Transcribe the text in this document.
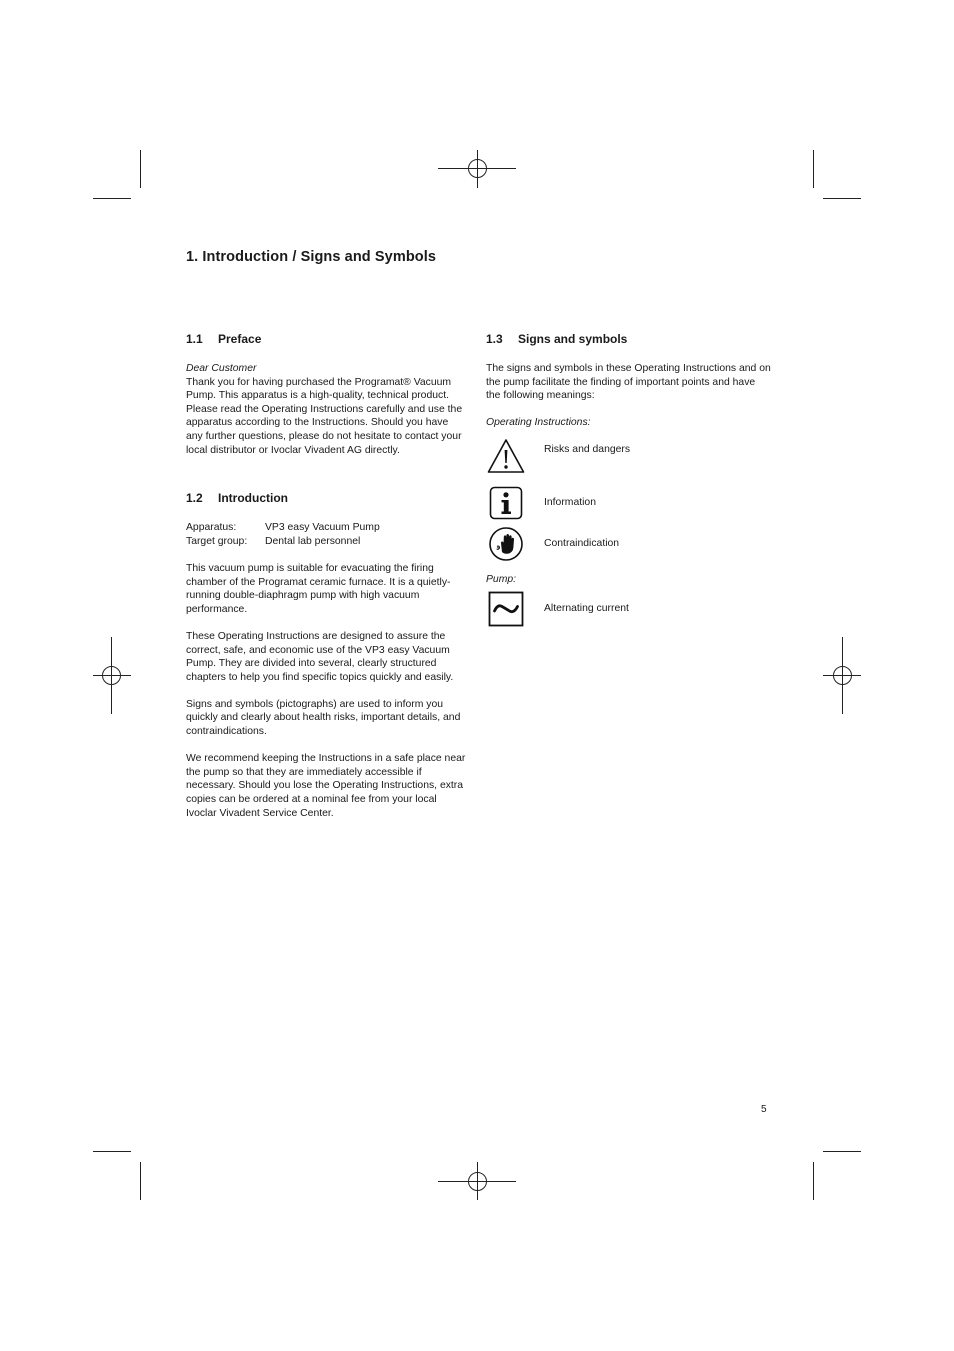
1. Introduction / Signs and Symbols
1.1	Preface

Dear Customer

Thank you for having purchased the Programat® Vacuum Pump. This apparatus is a high-quality, technical product. Please read the Operating Instructions carefully and use the apparatus according to the Instructions. Should you have any further questions, please do not hesitate to contact your local distributor or Ivoclar Vivadent AG directly.

1.2	Introduction
Apparatus:	VP3 easy Vacuum Pump
Target group:	Dental lab personnel

This vacuum pump is suitable for evacuating the firing chamber of the Programat ceramic furnace. It is a quietly-running double-diaphragm pump with high vacuum performance.

These Operating Instructions are designed to assure the correct, safe, and economic use of the VP3 easy Vacuum Pump. They are divided into several, clearly structured chapters to help you find specific topics quickly and easily.

Signs and symbols (pictographs) are used to inform you quickly and clearly about health risks, important details, and contraindications.

We recommend keeping the Instructions in a safe place near the pump so that they are immediately accessible if necessary. Should you lose the Operating Instructions, extra copies can be ordered at a nominal fee from your local Ivoclar Vivadent Service Center.

1.3	Signs and symbols

The signs and symbols in these Operating Instructions and on the pump facilitate the finding of important points and have the following meanings:

Operating Instructions:

Risks and dangers
Information
Contraindication

Pump:

Alternating current
5
